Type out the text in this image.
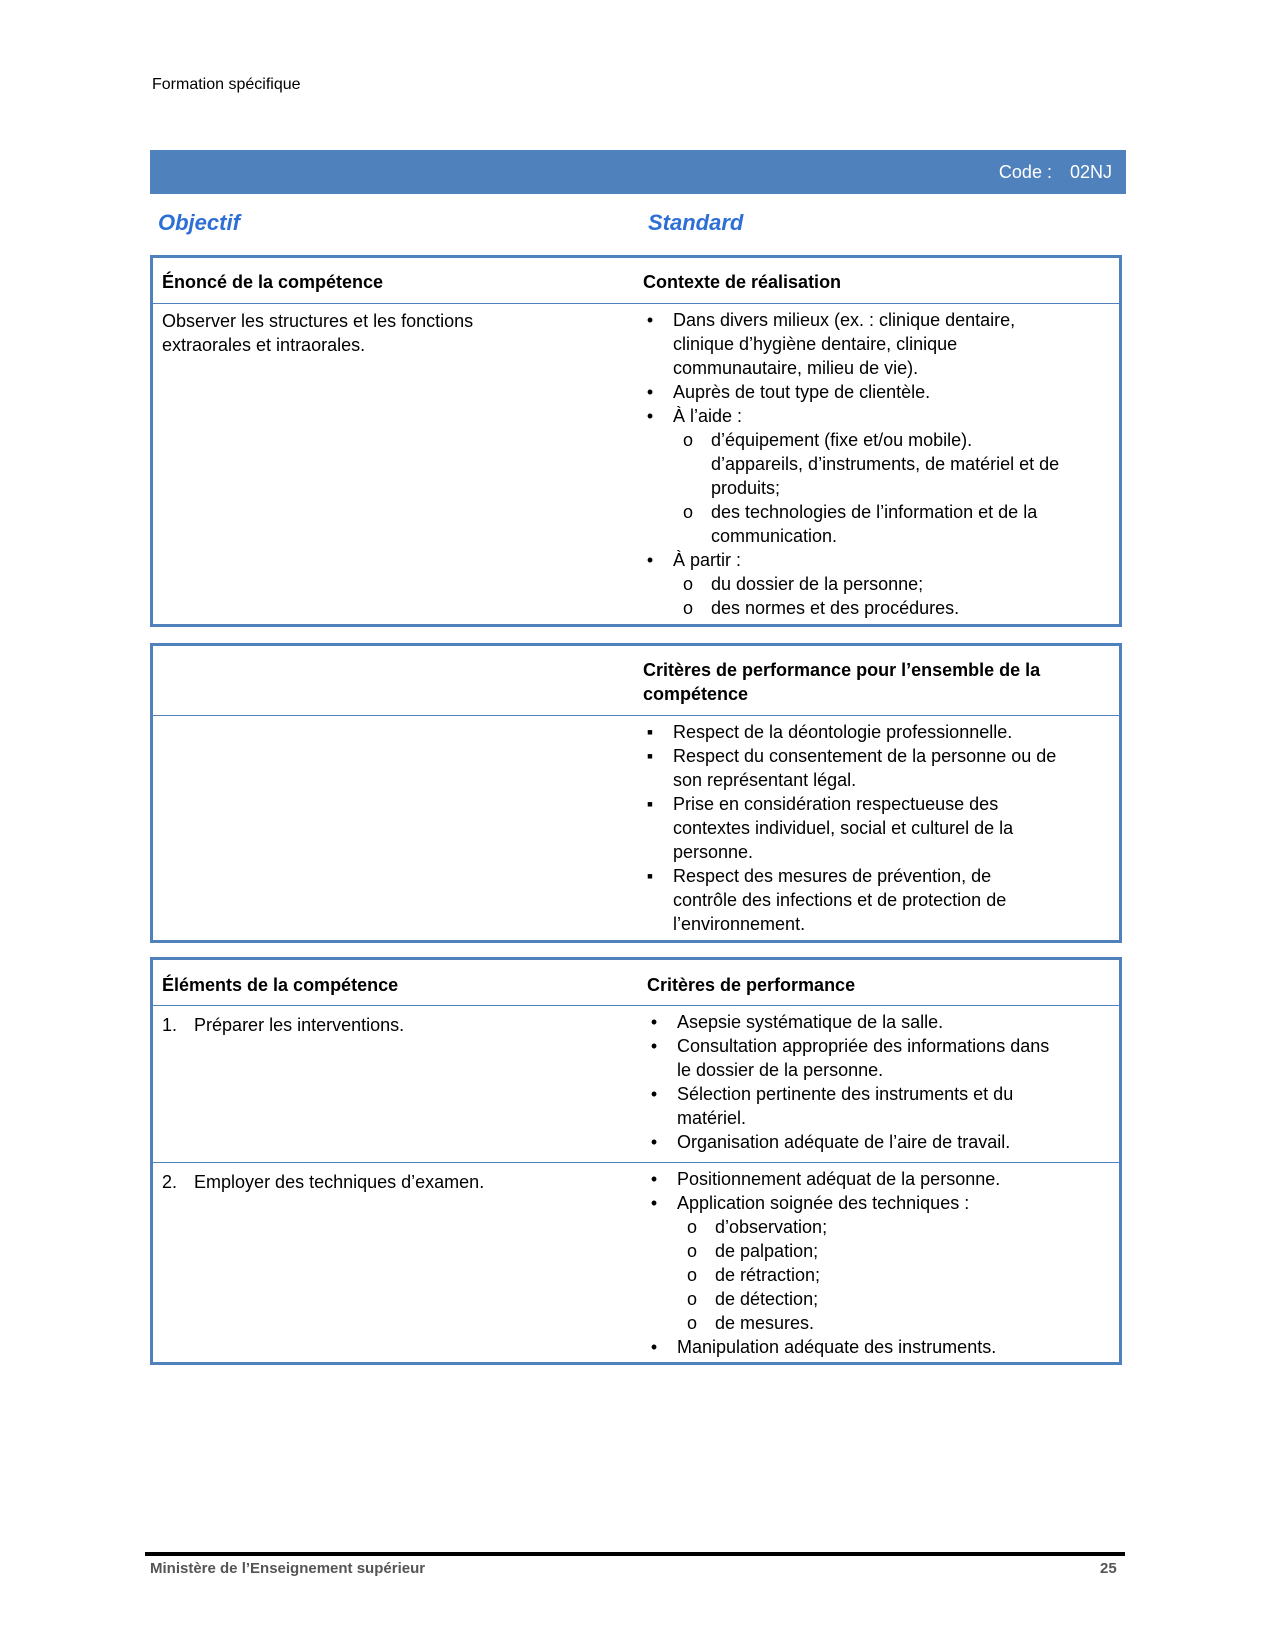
Formation spécifique
Code : 02NJ
Objectif	Standard
Énoncé de la compétence	Contexte de réalisation
Observer les structures et les fonctions
extraorales et intraorales.
• Dans divers milieux (ex. : clinique dentaire,
clinique d’hygiène dentaire, clinique
communautaire, milieu de vie).
• Auprès de tout type de clientèle.
• À l’aide :
o d’équipement (fixe et/ou mobile).
d’appareils, d’instruments, de matériel et de
produits;
o des technologies de l’information et de la
communication.
• À partir :
o du dossier de la personne;
o des normes et des procédures.
Critères de performance pour l’ensemble de la
compétence
▪ Respect de la déontologie professionnelle.
▪ Respect du consentement de la personne ou de
son représentant légal.
▪ Prise en considération respectueuse des
contextes individuel, social et culturel de la
personne.
▪ Respect des mesures de prévention, de
contrôle des infections et de protection de
l’environnement.
Éléments de la compétence	Critères de performance
1. Préparer les interventions.	• Asepsie systématique de la salle.
• Consultation appropriée des informations dans
le dossier de la personne.
• Sélection pertinente des instruments et du
matériel.
• Organisation adéquate de l’aire de travail.
2. Employer des techniques d’examen.	• Positionnement adéquat de la personne.
• Application soignée des techniques :
o d’observation;
o de palpation;
o de rétraction;
o de détection;
o de mesures.
• Manipulation adéquate des instruments.
Ministère de l’Enseignement supérieur	25
